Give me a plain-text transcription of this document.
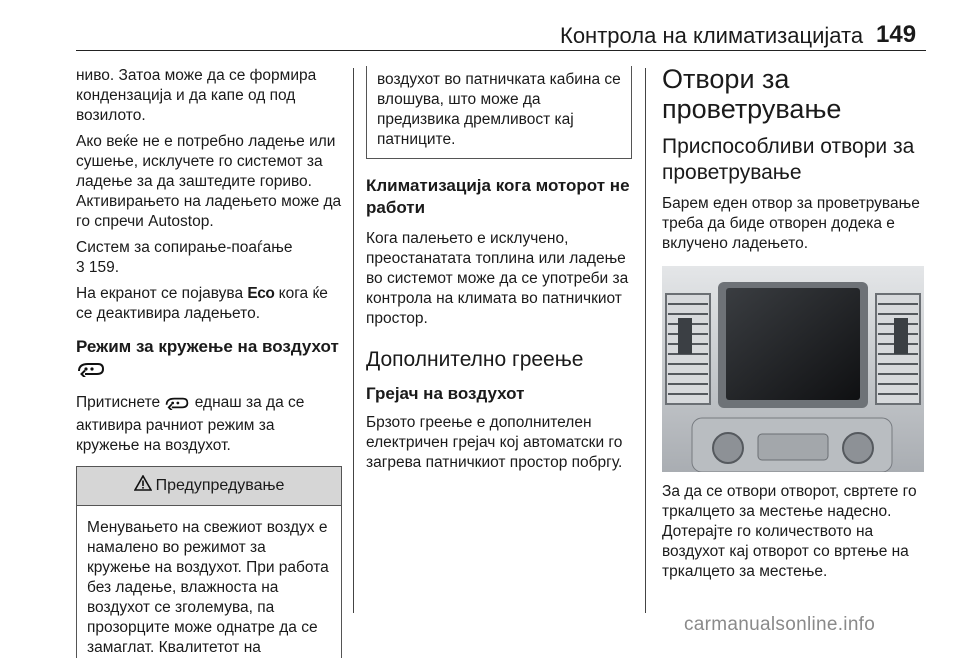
Контрола на климатизацијата 149

ниво. Затоа може да се формира кондензација и да капе од под возилото.

Ако веќе не е потребно ладење или сушење, исклучете го системот за ладење за да заштедите гориво. Активирањето на ладењето може да го спречи Autostop.

Систем за сопирање-поаѓање
3 159.

На екранот се појавува Eco кога ќе се деактивира ладењето.

Режим за кружење на воздухот

Притиснете  еднаш за да се активира рачниот режим за кружење на воздухот.

Предупредување
Менувањето на свежиот воздух е намалено во режимот за кружење на воздухот. При работа без ладење, влажноста на воздухот се зголемува, па прозорците може однатре да се замаглат. Квалитетот на
воздухот во патничката кабина се влошува, што може да предизвика дремливост кај патниците.
Климатизација кога моторот не работи

Кога палењето е исклучено, преостанатата топлина или ладење во системот може да се употреби за контрола на климата во патничкиот простор.

Дополнително греење
Грејач на воздухот

Брзото греење е дополнителен електричен грејач кој автоматски го загрева патничкиот простор побргу.

Отвори за проветрување
Приспособливи отвори за проветрување

Барем еден отвор за проветрување треба да биде отворен додека е вклучено ладењето.

За да се отвори отворот, свртете го тркалцето за местење надесно. Дотерајте го количеството на воздухот кај отворот со вртење на тркалцето за местење.

carmanualsonline.info
